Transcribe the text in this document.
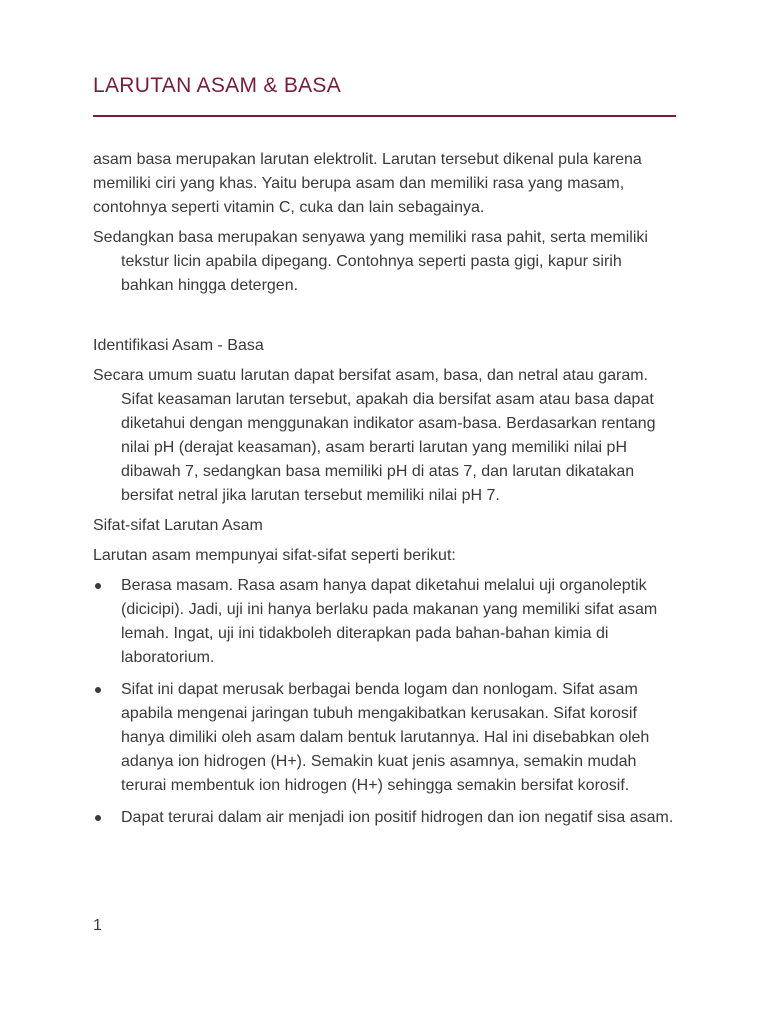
LARUTAN ASAM & BASA

asam basa merupakan larutan elektrolit. Larutan tersebut dikenal pula karena memiliki ciri yang khas. Yaitu berupa asam dan memiliki rasa yang masam, contohnya seperti vitamin C, cuka dan lain sebagainya.

Sedangkan basa merupakan senyawa yang memiliki rasa pahit, serta memiliki tekstur licin apabila dipegang. Contohnya seperti pasta gigi, kapur sirih bahkan hingga detergen.

Identifikasi Asam - Basa

Secara umum suatu larutan dapat bersifat asam, basa, dan netral atau garam. Sifat keasaman larutan tersebut, apakah dia bersifat asam atau basa dapat diketahui dengan menggunakan indikator asam-basa. Berdasarkan rentang nilai pH (derajat keasaman), asam berarti larutan yang memiliki nilai pH dibawah 7, sedangkan basa memiliki pH di atas 7, dan larutan dikatakan bersifat netral jika larutan tersebut memiliki nilai pH 7.

Sifat-sifat Larutan Asam

Larutan asam mempunyai sifat-sifat seperti berikut:

Berasa masam. Rasa asam hanya dapat diketahui melalui uji organoleptik (dicicipi). Jadi, uji ini hanya berlaku pada makanan yang memiliki sifat asam lemah. Ingat, uji ini tidakboleh diterapkan pada bahan-bahan kimia di laboratorium.
Sifat ini dapat merusak berbagai benda logam dan nonlogam. Sifat asam apabila mengenai jaringan tubuh mengakibatkan kerusakan. Sifat korosif hanya dimiliki oleh asam dalam bentuk larutannya. Hal ini disebabkan oleh adanya ion hidrogen (H+). Semakin kuat jenis asamnya, semakin mudah terurai membentuk ion hidrogen (H+) sehingga semakin bersifat korosif.
Dapat terurai dalam air menjadi ion positif hidrogen dan ion negatif sisa asam.
1
